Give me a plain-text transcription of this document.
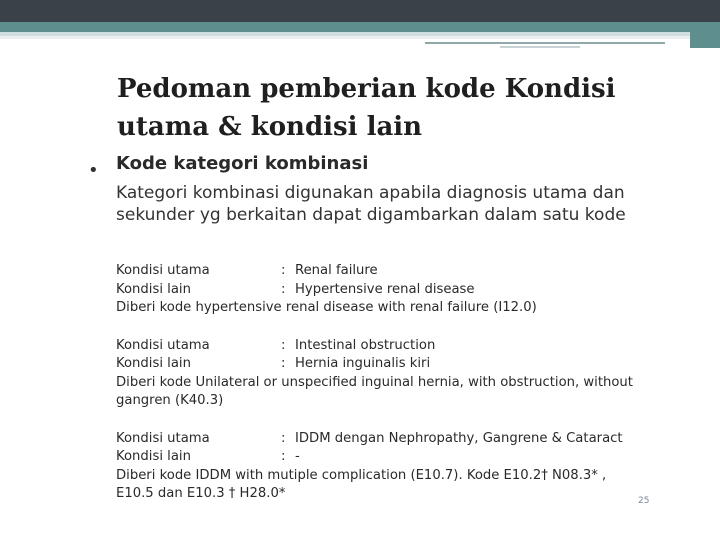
Pedoman pemberian kode Kondisi utama & kondisi lain
• Kode kategori kombinasi
Kategori kombinasi digunakan apabila diagnosis utama dan sekunder yg berkaitan dapat digambarkan dalam satu kode
Kondisi utama	: Renal failure
Kondisi lain	: Hypertensive renal disease
Diberi kode hypertensive renal disease with renal failure (I12.0)
Kondisi utama	: Intestinal obstruction
Kondisi lain	: Hernia inguinalis kiri
Diberi kode Unilateral or unspecified inguinal hernia, with obstruction, without
gangren (K40.3)
Kondisi utama	: IDDM dengan Nephropathy, Gangrene & Cataract
Kondisi lain	: -
Diberi kode IDDM with mutiple complication (E10.7). Kode E10.2† N08.3* ,
E10.5 dan E10.3 † H28.0*	25
